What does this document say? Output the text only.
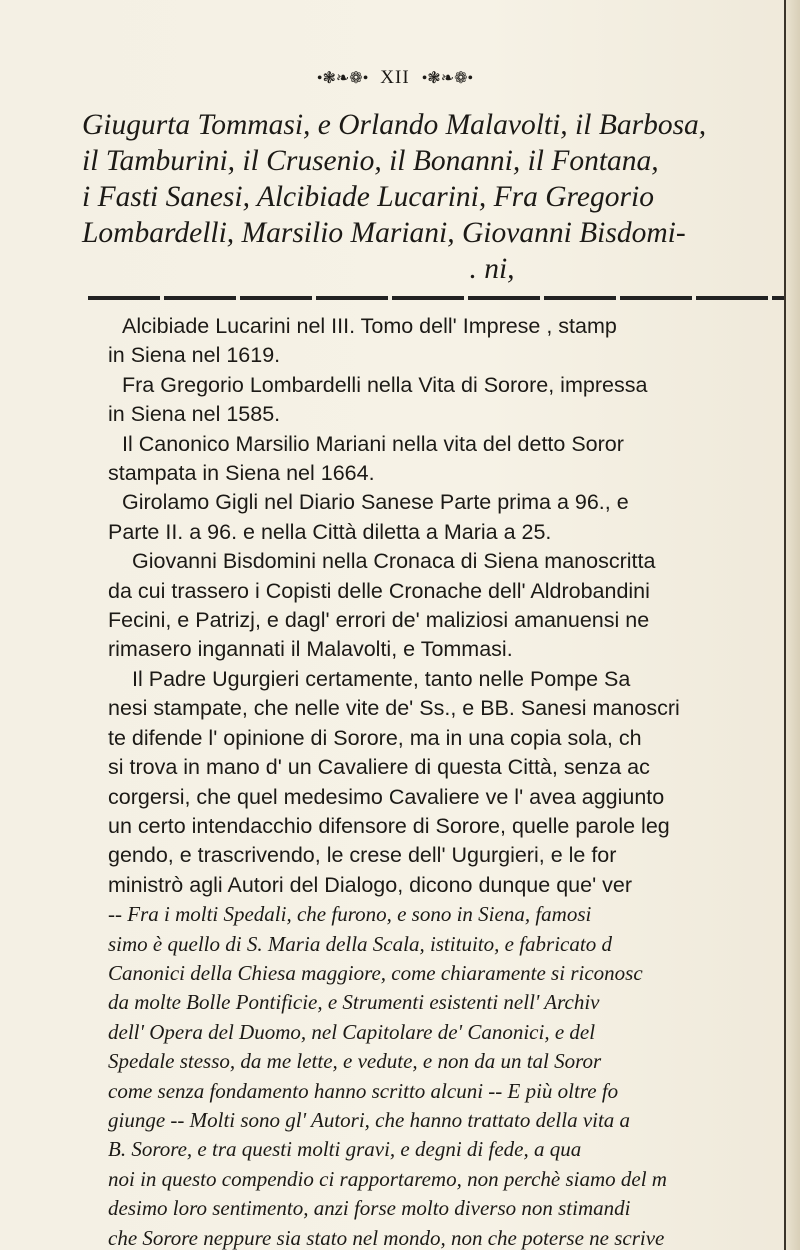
•❃❧❁• XII •❃❧❁•
Giugurta Tommasi, e Orlando Malavolti, il Barbosa,
il Tamburini, il Crusenio, il Bonanni, il Fontana,
i Fasti Sanesi, Alcibiade Lucarini, Fra Gregorio
Lombardelli, Marsilio Mariani, Giovanni Bisdomi-
. ni,
Alcibiade Lucarini nel III. Tomo dell' Imprese , stamp
in Siena nel 1619.
Fra Gregorio Lombardelli nella Vita di Sorore, impressa
in Siena nel 1585.
Il Canonico Marsilio Mariani nella vita del detto Soror
stampata in Siena nel 1664.
Girolamo Gigli nel Diario Sanese Parte prima a 96., e
Parte II. a 96. e nella Città diletta a Maria a 25.
Giovanni Bisdomini nella Cronaca di Siena manoscritta
da cui trassero i Copisti delle Cronache dell' Aldrobandini
Fecini, e Patrizj, e dagl' errori de' maliziosi amanuensi ne
rimasero ingannati il Malavolti, e Tommasi.
Il Padre Ugurgieri certamente, tanto nelle Pompe Sa
nesi stampate, che nelle vite de' Ss., e BB. Sanesi manoscri
te difende l' opinione di Sorore, ma in una copia sola, ch
si trova in mano d' un Cavaliere di questa Città, senza ac
corgersi, che quel medesimo Cavaliere ve l' avea aggiunto
un certo intendacchio difensore di Sorore, quelle parole leg
gendo, e trascrivendo, le crese dell' Ugurgieri, e le for
ministrò agli Autori del Dialogo, dicono dunque que' ver
-- Fra i molti Spedali, che furono, e sono in Siena, famosi
simo è quello di S. Maria della Scala, istituito, e fabricato d
Canonici della Chiesa maggiore, come chiaramente si riconosc
da molte Bolle Pontificie, e Strumenti esistenti nell' Archiv
dell' Opera del Duomo, nel Capitolare de' Canonici, e del
Spedale stesso, da me lette, e vedute, e non da un tal Soror
come senza fondamento hanno scritto alcuni -- E più oltre fo
giunge -- Molti sono gl' Autori, che hanno trattato della vita a
B. Sorore, e tra questi molti gravi, e degni di fede, a qua
noi in questo compendio ci rapportaremo, non perchè siamo del m
desimo loro sentimento, anzi forse molto diverso non stimandi
che Sorore neppure sia stato nel mondo, non che poterse ne scrive
